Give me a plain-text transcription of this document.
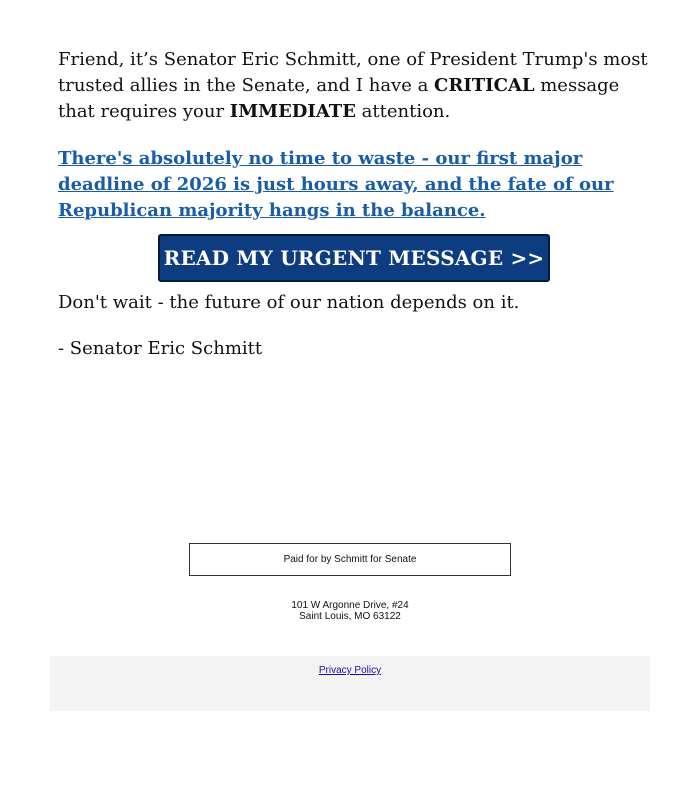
Friend, it’s Senator Eric Schmitt, one of President Trump's most trusted allies in the Senate, and I have a CRITICAL message that requires your IMMEDIATE attention.

There's absolutely no time to waste - our first major deadline of 2026 is just hours away, and the fate of our Republican majority hangs in the balance.
READ MY URGENT MESSAGE >>

Don't wait - the future of our nation depends on it.

- Senator Eric Schmitt

Paid for by Schmitt for Senate
101 W Argonne Drive, #24
Saint Louis, MO 63122
Privacy Policy
